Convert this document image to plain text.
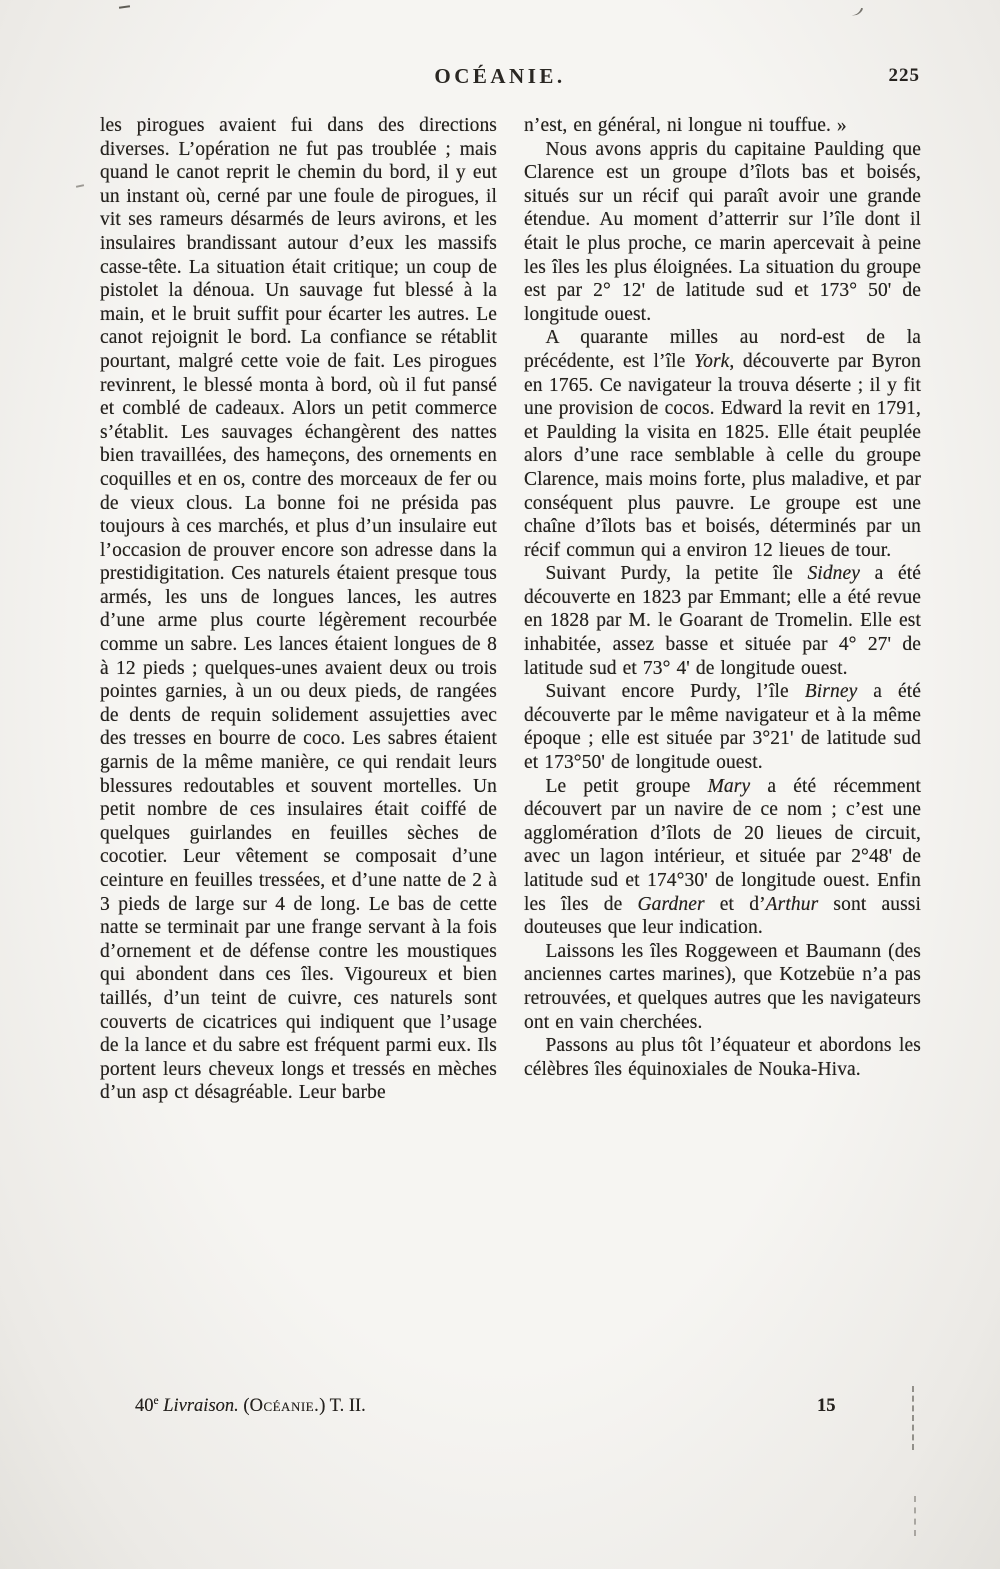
OCÉANIE.	225

les pirogues avaient fui dans des directions diverses. L’opération ne fut pas troublée ; mais quand le canot reprit le chemin du bord, il y eut un instant où, cerné par une foule de pirogues, il vit ses rameurs désarmés de leurs avirons, et les insulaires brandissant autour d’eux les massifs casse-tête. La situation était critique; un coup de pistolet la dénoua. Un sauvage fut blessé à la main, et le bruit suffit pour écarter les autres. Le canot rejoignit le bord. La confiance se rétablit pourtant, malgré cette voie de fait. Les pirogues revinrent, le blessé monta à bord, où il fut pansé et comblé de cadeaux. Alors un petit commerce s’établit. Les sauvages échangèrent des nattes bien travaillées, des hameçons, des ornements en coquilles et en os, contre des morceaux de fer ou de vieux clous. La bonne foi ne présida pas toujours à ces marchés, et plus d’un insulaire eut l’occasion de prouver encore son adresse dans la prestidigitation. Ces naturels étaient presque tous armés, les uns de longues lances, les autres d’une arme plus courte légèrement recourbée comme un sabre. Les lances étaient longues de 8 à 12 pieds ; quelques-unes avaient deux ou trois pointes garnies, à un ou deux pieds, de rangées de dents de requin solidement assujetties avec des tresses en bourre de coco. Les sabres étaient garnis de la même manière, ce qui rendait leurs blessures redoutables et souvent mortelles. Un petit nombre de ces insulaires était coiffé de quelques guirlandes en feuilles sèches de cocotier. Leur vêtement se composait d’une ceinture en feuilles tressées, et d’une natte de 2 à 3 pieds de large sur 4 de long. Le bas de cette natte se terminait par une frange servant à la fois d’ornement et de défense contre les moustiques qui abondent dans ces îles. Vigoureux et bien taillés, d’un teint de cuivre, ces naturels sont couverts de cicatrices qui indiquent que l’usage de la lance et du sabre est fréquent parmi eux. Ils portent leurs cheveux longs et tressés en mèches d’un asp ct désagréable. Leur barbe

n’est, en général, ni longue ni touffue. »

Nous avons appris du capitaine Paulding que Clarence est un groupe d’îlots bas et boisés, situés sur un récif qui paraît avoir une grande étendue. Au moment d’atterrir sur l’île dont il était le plus proche, ce marin apercevait à peine les îles les plus éloignées. La situation du groupe est par 2° 12' de latitude sud et 173° 50' de longitude ouest.

A quarante milles au nord-est de la précédente, est l’île York, découverte par Byron en 1765. Ce navigateur la trouva déserte ; il y fit une provision de cocos. Edward la revit en 1791, et Paulding la visita en 1825. Elle était peuplée alors d’une race semblable à celle du groupe Clarence, mais moins forte, plus maladive, et par conséquent plus pauvre. Le groupe est une chaîne d’îlots bas et boisés, déterminés par un récif commun qui a environ 12 lieues de tour.

Suivant Purdy, la petite île Sidney a été découverte en 1823 par Emmant; elle a été revue en 1828 par M. le Goarant de Tromelin. Elle est inhabitée, assez basse et située par 4° 27' de latitude sud et 73° 4' de longitude ouest.

Suivant encore Purdy, l’île Birney a été découverte par le même navigateur et à la même époque ; elle est située par 3°21' de latitude sud et 173°50' de longitude ouest.

Le petit groupe Mary a été récemment découvert par un navire de ce nom ; c’est une agglomération d’îlots de 20 lieues de circuit, avec un lagon intérieur, et située par 2°48' de latitude sud et 174°30' de longitude ouest. Enfin les îles de Gardner et d’Arthur sont aussi douteuses que leur indication.

Laissons les îles Roggeween et Baumann (des anciennes cartes marines), que Kotzebüe n’a pas retrouvées, et quelques autres que les navigateurs ont en vain cherchées.

Passons au plus tôt l’équateur et abordons les célèbres îles équinoxiales de Nouka-Hiva.

40e Livraison. (Océanie.) T. II.	15
